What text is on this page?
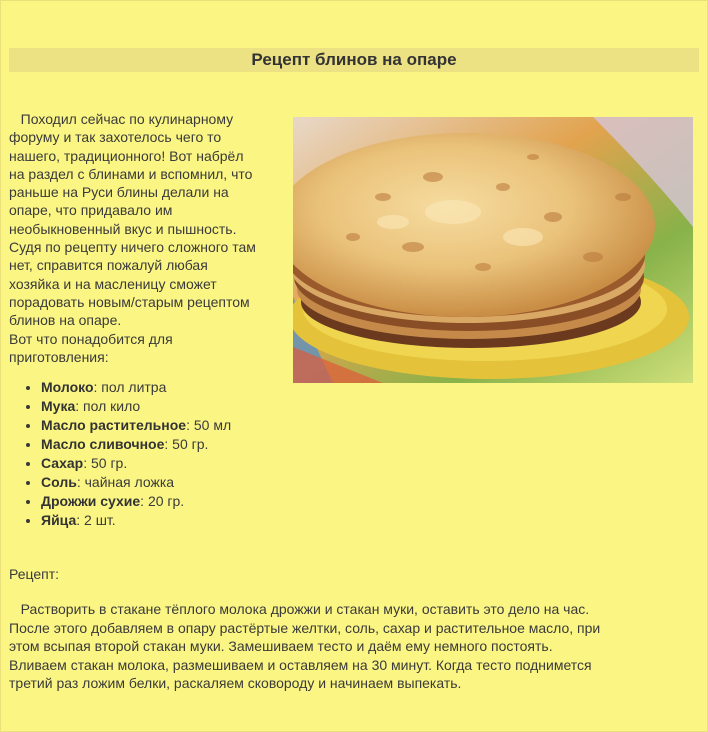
Рецепт блинов на опаре

Походил сейчас по кулинарному
форуму и так захотелось чего то
нашего, традиционного! Вот набрёл
на раздел с блинами и вспомнил, что
раньше на Руси блины делали на
опаре, что придавало им
необыкновенный вкус и пышность.
Судя по рецепту ничего сложного там
нет, справится пожалуй любая
хозяйка и на масленицу сможет
порадовать новым/старым рецептом
блинов на опаре.
Вот что понадобится для
приготовления:

• Молоко: пол литра
• Мука: пол кило
• Масло растительное: 50 мл
• Масло сливочное: 50 гр.
• Сахар: 50 гр.
• Соль: чайная ложка
• Дрожжи сухие: 20 гр.
• Яйца: 2 шт.

Рецепт:

Растворить в стакане тёплого молока дрожжи и стакан муки, оставить это дело на час.
После этого добавляем в опару растёртые желтки, соль, сахар и растительное масло, при
этом всыпая второй стакан муки. Замешиваем тесто и даём ему немного постоять.
Вливаем стакан молока, размешиваем и оставляем на 30 минут. Когда тесто поднимется
третий раз ложим белки, раскаляем сковороду и начинаем выпекать.
